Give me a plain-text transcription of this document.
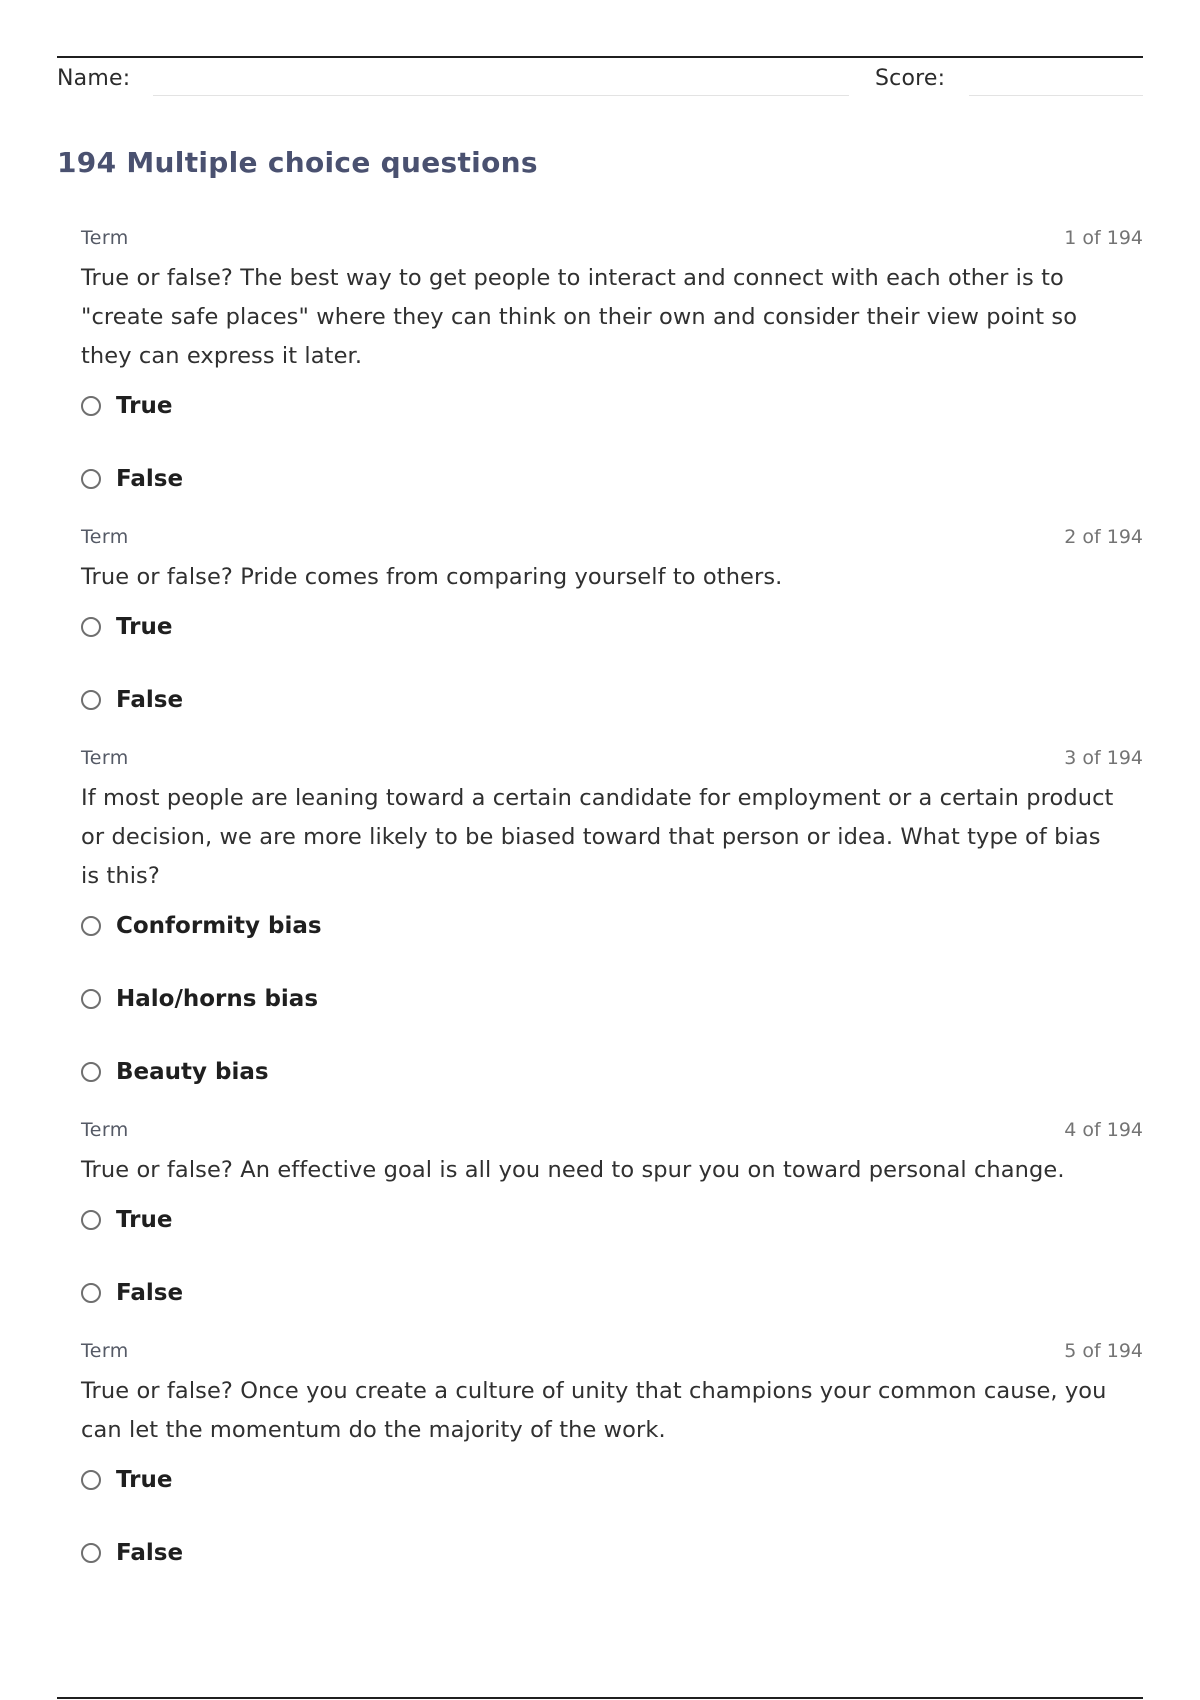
Name:	Score:
194 Multiple choice questions
Term	1 of 194
True or false? The best way to get people to interact and connect with each other is to "create safe places" where they can think on their own and consider their view point so they can express it later.
True
False
Term	2 of 194
True or false? Pride comes from comparing yourself to others.
True
False
Term	3 of 194
If most people are leaning toward a certain candidate for employment or a certain product or decision, we are more likely to be biased toward that person or idea. What type of bias is this?
Conformity bias
Halo/horns bias
Beauty bias
Term	4 of 194
True or false? An effective goal is all you need to spur you on toward personal change.
True
False
Term	5 of 194
True or false? Once you create a culture of unity that champions your common cause, you can let the momentum do the majority of the work.
True
False
